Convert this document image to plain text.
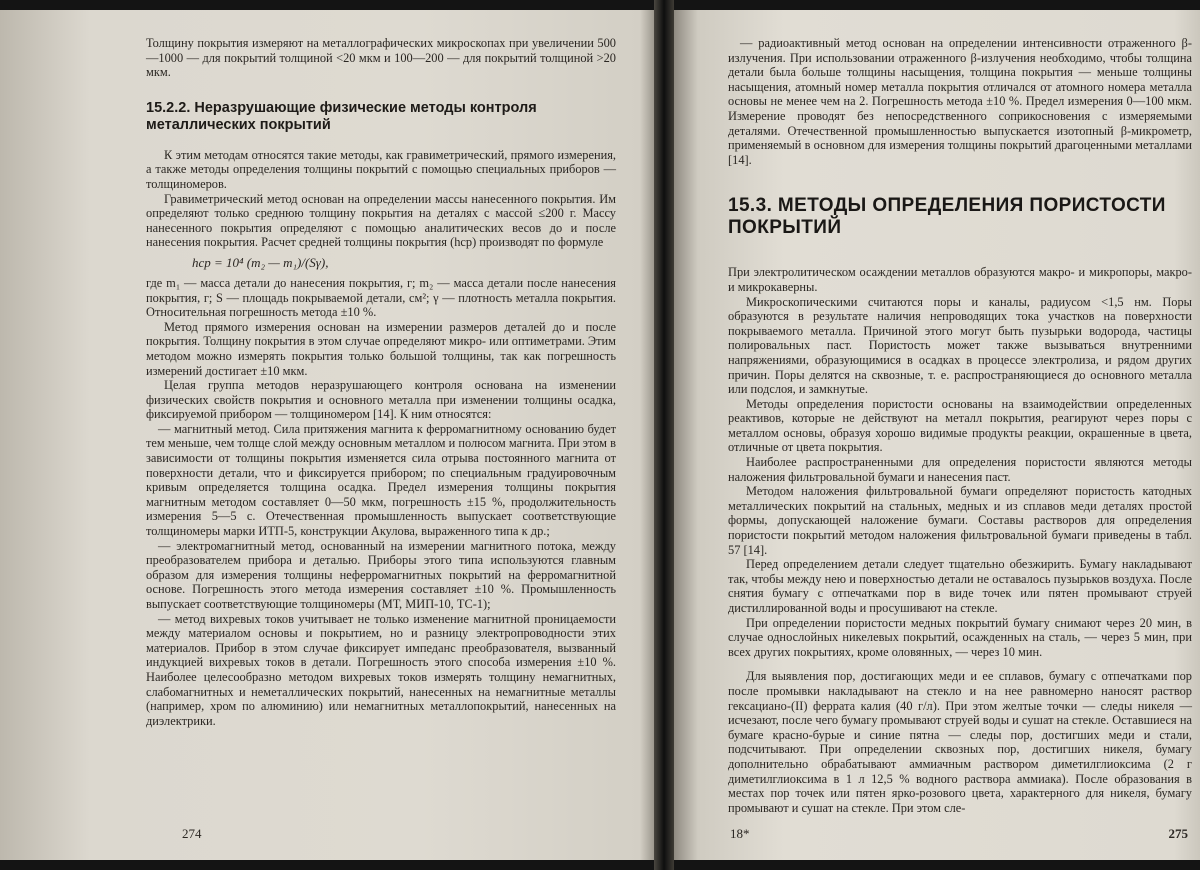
Толщину покрытия измеряют на металлографических микроскопах при увеличении 500—1000 — для покрытий толщиной <20 мкм и 100—200 — для покрытий толщиной >20 мкм.

15.2.2. Неразрушающие физические методы контроля металлических покрытий

К этим методам относятся такие методы, как гравиметрический, прямого измерения, а также методы определения толщины покрытий с помощью специальных приборов — толщиномеров.

Гравиметрический метод основан на определении массы нанесенного покрытия. Им определяют только среднюю толщину покрытия на деталях с массой ≤200 г. Массу нанесенного покрытия определяют с помощью аналитических весов до и после нанесения покрытия. Расчет средней толщины покрытия (hср) производят по формуле

hср = 10⁴ (m₂ — m₁)/(Sγ),

где m₁ — масса детали до нанесения покрытия, г; m₂ — масса детали после нанесения покрытия, г; S — площадь покрываемой детали, см²; γ — плотность металла покрытия. Относительная погрешность метода ±10 %.

Метод прямого измерения основан на измерении размеров деталей до и после покрытия. Толщину покрытия в этом случае определяют микро- или оптиметрами. Этим методом можно измерять покрытия только большой толщины, так как погрешность измерений достигает ±10 мкм.

Целая группа методов неразрушающего контроля основана на изменении физических свойств покрытия и основного металла при изменении толщины осадка, фиксируемой прибором — толщиномером [14]. К ним относятся:

— магнитный метод. Сила притяжения магнита к ферромагнитному основанию будет тем меньше, чем толще слой между основным металлом и полюсом магнита. При этом в зависимости от толщины покрытия изменяется сила отрыва постоянного магнита от поверхности детали, что и фиксируется прибором; по специальным градуировочным кривым определяется толщина осадка. Предел измерения толщины покрытия магнитным методом составляет 0—50 мкм, погрешность ±15 %, продолжительность измерения 5—5 с. Отечественная промышленность выпускает соответствующие толщиномеры марки ИТП-5, конструкции Акулова, выраженного типа к др.;

— электромагнитный метод, основанный на измерении магнитного потока, между преобразователем прибора и деталью. Приборы этого типа используются главным образом для измерения толщины неферромагнитных покрытий на ферромагнитной основе. Погрешность этого метода измерения составляет ±10 %. Промышленность выпускает соответствующие толщиномеры (МТ, МИП-10, ТС-1);

— метод вихревых токов учитывает не только изменение магнитной проницаемости между материалом основы и покрытием, но и разницу электропроводности этих материалов. Прибор в этом случае фиксирует импеданс преобразователя, вызванный индукцией вихревых токов в детали. Погрешность этого способа измерения ±10 %. Наиболее целесообразно методом вихревых токов измерять толщину немагнитных, слабомагнитных и неметаллических покрытий, нанесенных на немагнитные металлы (например, хром по алюминию) или немагнитных металлопокрытий, нанесенных на диэлектрики.

274

— радиоактивный метод основан на определении интенсивности отраженного β-излучения. При использовании отраженного β-излучения необходимо, чтобы толщина детали была больше толщины насыщения, толщина покрытия — меньше толщины насыщения, атомный номер металла покрытия отличался от атомного номера металла основы не менее чем на 2. Погрешность метода ±10 %. Предел измерения 0—100 мкм. Измерение проводят без непосредственного соприкосновения с измеряемыми деталями. Отечественной промышленностью выпускается изотопный β-микрометр, применяемый в основном для измерения толщины покрытий драгоценными металлами [14].

15.3. МЕТОДЫ ОПРЕДЕЛЕНИЯ ПОРИСТОСТИ ПОКРЫТИЙ

При электролитическом осаждении металлов образуются макро- и микропоры, макро- и микрокаверны.

Микроскопическими считаются поры и каналы, радиусом <1,5 нм. Поры образуются в результате наличия непроводящих тока участков на поверхности покрываемого металла. Причиной этого могут быть пузырьки водорода, частицы полировальных паст. Пористость может также вызываться внутренними напряжениями, образующимися в осадках в процессе электролиза, и рядом других причин. Поры делятся на сквозные, т. е. распространяющиеся до основного металла или подслоя, и замкнутые.

Методы определения пористости основаны на взаимодействии определенных реактивов, которые не действуют на металл покрытия, реагируют через поры с металлом основы, образуя хорошо видимые продукты реакции, окрашенные в цвета, отличные от цвета покрытия.

Наиболее распространенными для определения пористости являются методы наложения фильтровальной бумаги и нанесения паст.

Методом наложения фильтровальной бумаги определяют пористость катодных металлических покрытий на стальных, медных и из сплавов меди деталях простой формы, допускающей наложение бумаги. Составы растворов для определения пористости покрытий методом наложения фильтровальной бумаги приведены в табл. 57 [14].

Перед определением детали следует тщательно обезжирить. Бумагу накладывают так, чтобы между нею и поверхностью детали не оставалось пузырьков воздуха. После снятия бумагу с отпечатками пор в виде точек или пятен промывают струей дистиллированной воды и просушивают на стекле.

При определении пористости медных покрытий бумагу снимают через 20 мин, в случае однослойных никелевых покрытий, осажденных на сталь, — через 5 мин, при всех других покрытиях, кроме оловянных, — через 10 мин.

Для выявления пор, достигающих меди и ее сплавов, бумагу с отпечатками пор после промывки накладывают на стекло и на нее равномерно наносят раствор гексациано-(II) феррата калия (40 г/л). При этом желтые точки — следы никеля — исчезают, после чего бумагу промывают струей воды и сушат на стекле. Оставшиеся на бумаге красно-бурые и синие пятна — следы пор, достигших меди и стали, подсчитывают. При определении сквозных пор, достигших никеля, бумагу дополнительно обрабатывают аммиачным раствором диметилглиоксима (2 г диметилглиоксима в 1 л 12,5 % водного раствора аммиака). После образования в местах пор точек или пятен ярко-розового цвета, характерного для никеля, бумагу промывают и сушат на стекле. При этом сле-

18*	275
